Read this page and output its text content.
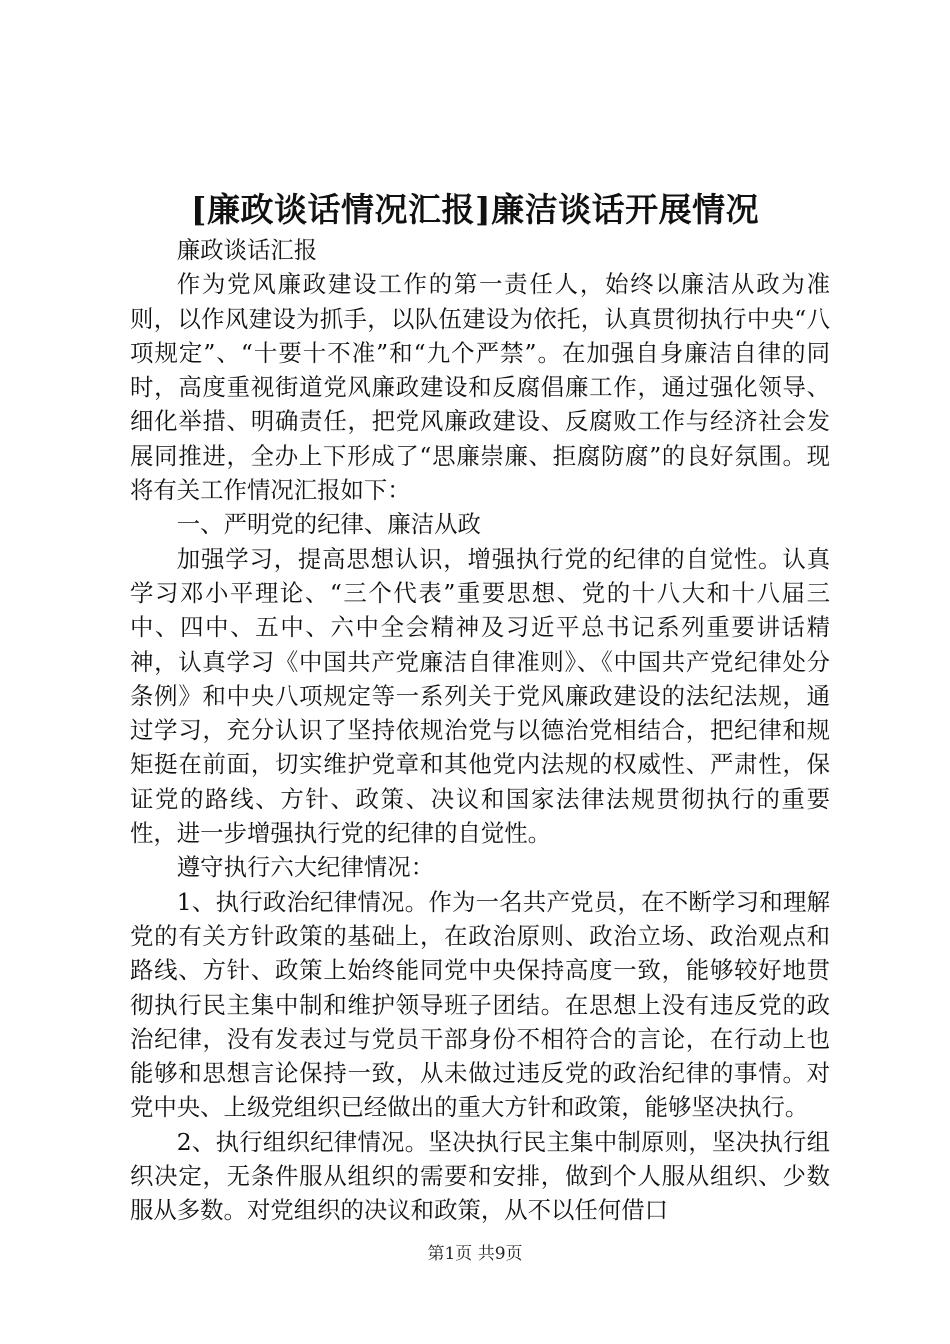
[廉政谈话情况汇报]廉洁谈话开展情况

廉政谈话汇报

作为党风廉政建设工作的第一责任人，始终以廉洁从政为准则，以作风建设为抓手，以队伍建设为依托，认真贯彻执行中央“八项规定”、“十要十不准”和“九个严禁”。在加强自身廉洁自律的同时，高度重视街道党风廉政建设和反腐倡廉工作，通过强化领导、细化举措、明确责任，把党风廉政建设、反腐败工作与经济社会发展同推进，全办上下形成了“思廉崇廉、拒腐防腐”的良好氛围。现将有关工作情况汇报如下：

一、严明党的纪律、廉洁从政

加强学习，提高思想认识，增强执行党的纪律的自觉性。认真学习邓小平理论、“三个代表”重要思想、党的十八大和十八届三中、四中、五中、六中全会精神及习近平总书记系列重要讲话精神，认真学习《中国共产党廉洁自律准则》、《中国共产党纪律处分条例》和中央八项规定等一系列关于党风廉政建设的法纪法规，通过学习，充分认识了坚持依规治党与以德治党相结合，把纪律和规矩挺在前面，切实维护党章和其他党内法规的权威性、严肃性，保证党的路线、方针、政策、决议和国家法律法规贯彻执行的重要性，进一步增强执行党的纪律的自觉性。

遵守执行六大纪律情况：

1、执行政治纪律情况。作为一名共产党员，在不断学习和理解党的有关方针政策的基础上，在政治原则、政治立场、政治观点和路线、方针、政策上始终能同党中央保持高度一致，能够较好地贯彻执行民主集中制和维护领导班子团结。在思想上没有违反党的政治纪律，没有发表过与党员干部身份不相符合的言论，在行动上也能够和思想言论保持一致，从未做过违反党的政治纪律的事情。对党中央、上级党组织已经做出的重大方针和政策，能够坚决执行。

2、执行组织纪律情况。坚决执行民主集中制原则，坚决执行组织决定，无条件服从组织的需要和安排，做到个人服从组织、少数服从多数。对党组织的决议和政策，从不以任何借口

第1页 共9页
